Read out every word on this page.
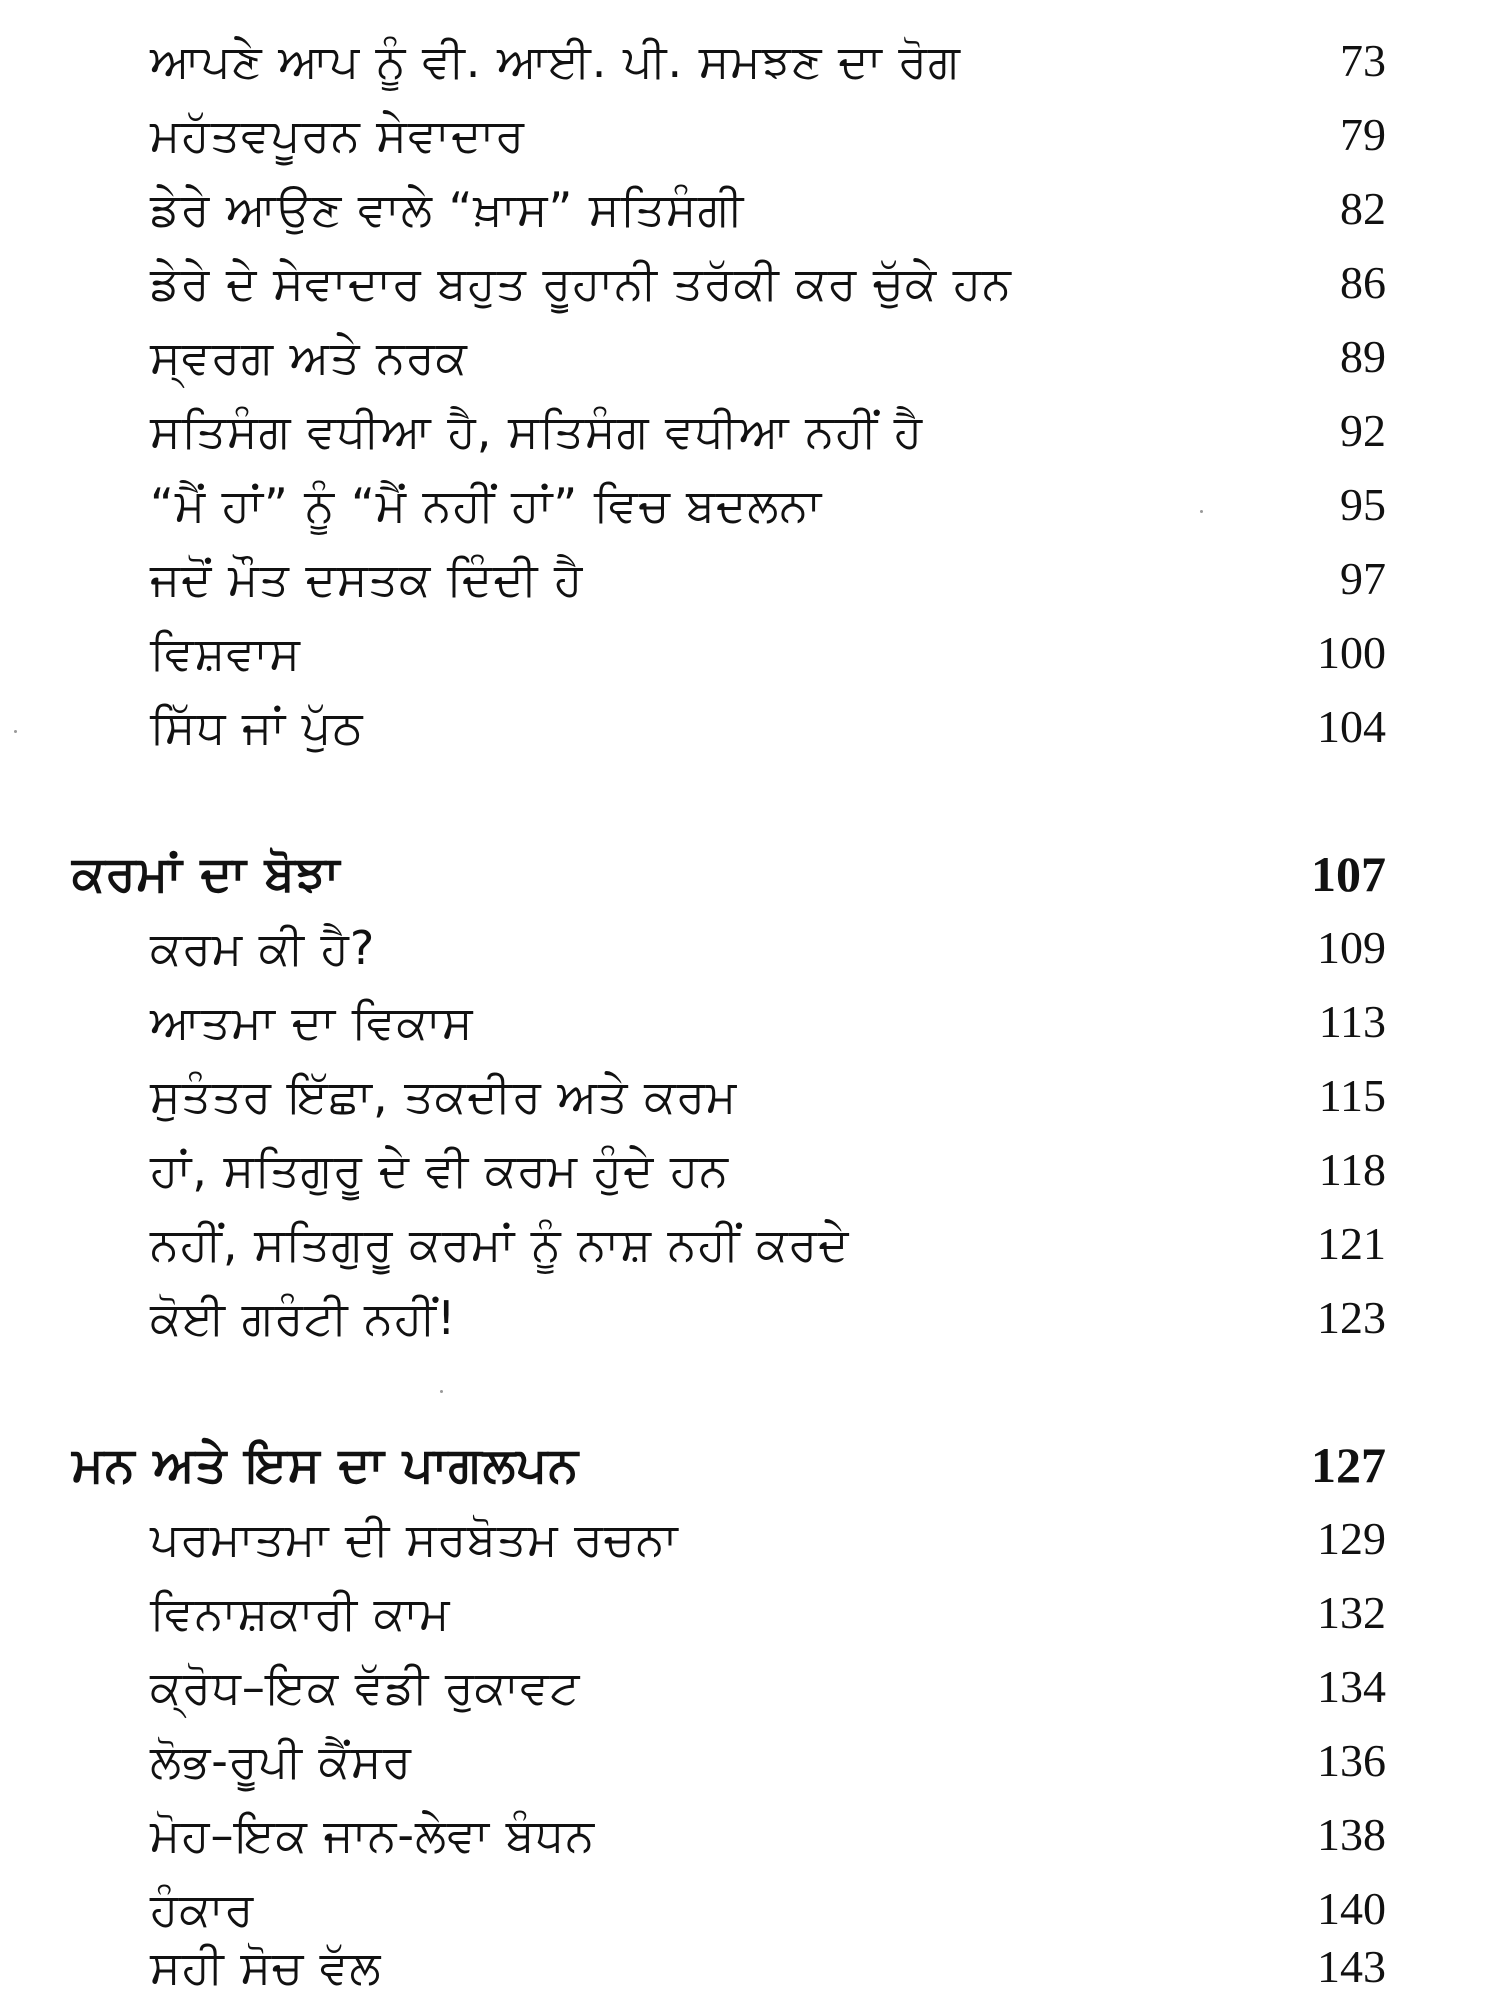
ਆਪਣੇ ਆਪ ਨੂੰ ਵੀ. ਆਈ. ਪੀ. ਸਮਝਣ ਦਾ ਰੋਗ	73
ਮਹੱਤਵਪੂਰਨ ਸੇਵਾਦਾਰ	79
ਡੇਰੇ ਆਉਣ ਵਾਲੇ “ਖ਼ਾਸ” ਸਤਿਸੰਗੀ	82
ਡੇਰੇ ਦੇ ਸੇਵਾਦਾਰ ਬਹੁਤ ਰੂਹਾਨੀ ਤਰੱਕੀ ਕਰ ਚੁੱਕੇ ਹਨ	86
ਸ੍ਵਰਗ ਅਤੇ ਨਰਕ	89
ਸਤਿਸੰਗ ਵਧੀਆ ਹੈ, ਸਤਿਸੰਗ ਵਧੀਆ ਨਹੀਂ ਹੈ	92
“ਮੈਂ ਹਾਂ” ਨੂੰ “ਮੈਂ ਨਹੀਂ ਹਾਂ” ਵਿਚ ਬਦਲਨਾ	95
ਜਦੋਂ ਮੌਤ ਦਸਤਕ ਦਿੰਦੀ ਹੈ	97
ਵਿਸ਼ਵਾਸ	100
ਸਿੱਧ ਜਾਂ ਪੁੱਠ	104
ਕਰਮਾਂ ਦਾ ਬੋਝਾ	107
ਕਰਮ ਕੀ ਹੈ?	109
ਆਤਮਾ ਦਾ ਵਿਕਾਸ	113
ਸੁਤੰਤਰ ਇੱਛਾ, ਤਕਦੀਰ ਅਤੇ ਕਰਮ	115
ਹਾਂ, ਸਤਿਗੁਰੂ ਦੇ ਵੀ ਕਰਮ ਹੁੰਦੇ ਹਨ	118
ਨਹੀਂ, ਸਤਿਗੁਰੂ ਕਰਮਾਂ ਨੂੰ ਨਾਸ਼ ਨਹੀਂ ਕਰਦੇ	121
ਕੋਈ ਗਰੰਟੀ ਨਹੀਂ!	123
ਮਨ ਅਤੇ ਇਸ ਦਾ ਪਾਗਲਪਨ	127
ਪਰਮਾਤਮਾ ਦੀ ਸਰਬੋਤਮ ਰਚਨਾ	129
ਵਿਨਾਸ਼ਕਾਰੀ ਕਾਮ	132
ਕ੍ਰੋਧ–ਇਕ ਵੱਡੀ ਰੁਕਾਵਟ	134
ਲੋਭ-ਰੂਪੀ ਕੈਂਸਰ	136
ਮੋਹ–ਇਕ ਜਾਨ-ਲੇਵਾ ਬੰਧਨ	138
ਹੰਕਾਰ	140
ਸਹੀ ਸੋਚ ਵੱਲ	143
